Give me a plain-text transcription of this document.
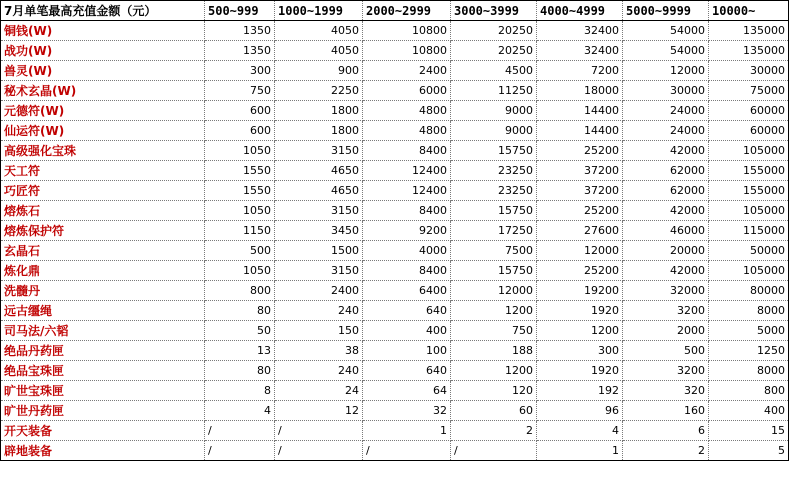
7月单笔最高充值金额（元）	500~999	1000~1999	2000~2999	3000~3999	4000~4999	5000~9999	10000~
铜钱(W)	1350	4050	10800	20250	32400	54000	135000
战功(W)	1350	4050	10800	20250	32400	54000	135000
兽灵(W)	300	900	2400	4500	7200	12000	30000
秘术玄晶(W)	750	2250	6000	11250	18000	30000	75000
元德符(W)	600	1800	4800	9000	14400	24000	60000
仙运符(W)	600	1800	4800	9000	14400	24000	60000
高级强化宝珠	1050	3150	8400	15750	25200	42000	105000
天工符	1550	4650	12400	23250	37200	62000	155000
巧匠符	1550	4650	12400	23250	37200	62000	155000
熔炼石	1050	3150	8400	15750	25200	42000	105000
熔炼保护符	1150	3450	9200	17250	27600	46000	115000
玄晶石	500	1500	4000	7500	12000	20000	50000
炼化鼎	1050	3150	8400	15750	25200	42000	105000
洗髓丹	800	2400	6400	12000	19200	32000	80000
远古缰绳	80	240	640	1200	1920	3200	8000
司马法/六韬	50	150	400	750	1200	2000	5000
绝品丹药匣	13	38	100	188	300	500	1250
绝品宝珠匣	80	240	640	1200	1920	3200	8000
旷世宝珠匣	8	24	64	120	192	320	800
旷世丹药匣	4	12	32	60	96	160	400
开天装备	/	/	1	2	4	6	15
辟地装备	/	/	/	/	1	2	5
